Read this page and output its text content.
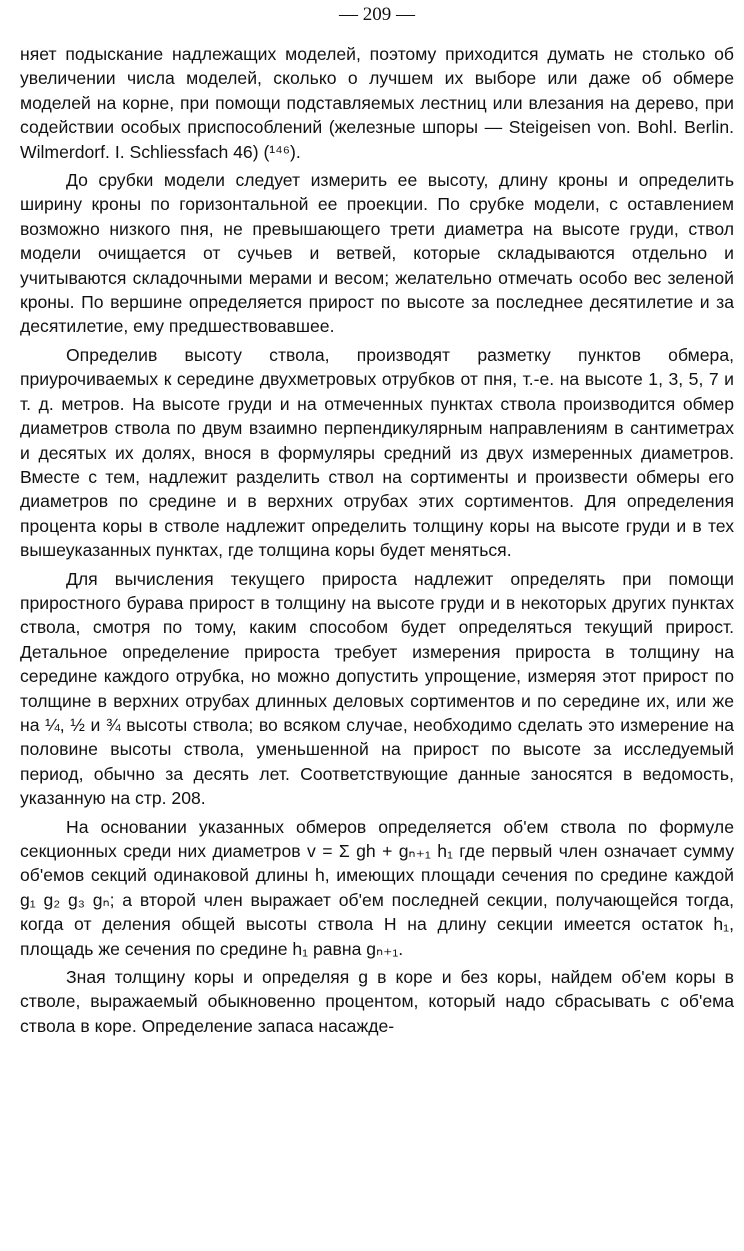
— 209 —

няет подыскание надлежащих моделей, поэтому приходится думать не столько об увеличении числа моделей, сколько о лучшем их выборе или даже об обмере моделей на корне, при помощи подставляемых лестниц или влезания на дерево, при содействии особых приспособлений (железные шпоры — Steigeisen von. Bohl. Berlin. Wilmerdorf. I. Schliessfach 46) (¹⁴⁶).

До срубки модели следует измерить ее высоту, длину кроны и определить ширину кроны по горизонтальной ее проекции. По срубке модели, с оставлением возможно низкого пня, не превышающего трети диаметра на высоте груди, ствол модели очищается от сучьев и ветвей, которые складываются отдельно и учитываются складочными мерами и весом; желательно отмечать особо вес зеленой кроны. По вершине определяется прирост по высоте за последнее десятилетие и за десятилетие, ему предшествовавшее.

Определив высоту ствола, производят разметку пунктов обмера, приурочиваемых к середине двухметровых отрубков от пня, т.-е. на высоте 1, 3, 5, 7 и т. д. метров. На высоте груди и на отмеченных пунктах ствола производится обмер диаметров ствола по двум взаимно перпендикулярным направлениям в сантиметрах и десятых их долях, внося в формуляры средний из двух измеренных диаметров. Вместе с тем, надлежит разделить ствол на сортименты и произвести обмеры его диаметров по средине и в верхних отрубах этих сортиментов. Для определения процента коры в стволе надлежит определить толщину коры на высоте груди и в тех вышеуказанных пунктах, где толщина коры будет меняться.

Для вычисления текущего прироста надлежит определять при помощи приростного бурава прирост в толщину на высоте груди и в некоторых других пунктах ствола, смотря по тому, каким способом будет определяться текущий прирост. Детальное определение прироста требует измерения прироста в толщину на середине каждого отрубка, но можно допустить упрощение, измеряя этот прирост по толщине в верхних отрубах длинных деловых сортиментов и по середине их, или же на ¼, ½ и ¾ высоты ствола; во всяком случае, необходимо сделать это измерение на половине высоты ствола, уменьшенной на прирост по высоте за исследуемый период, обычно за десять лет. Соответствующие данные заносятся в ведомость, указанную на стр. 208.

На основании указанных обмеров определяется об'ем ствола по формуле секционных среди них диаметров v = Σ gh + gₙ₊₁ h₁ где первый член означает сумму об'емов секций одинаковой длины h, имеющих площади сечения по средине каждой g₁ g₂ g₃ gₙ; а второй член выражает об'ем последней секции, получающейся тогда, когда от деления общей высоты ствола H на длину секции имеется остаток h₁, площадь же сечения по средине h₁ равна gₙ₊₁.

Зная толщину коры и определяя g в коре и без коры, найдем об'ем коры в стволе, выражаемый обыкновенно процентом, который надо сбрасывать с об'ема ствола в коре. Определение запаса насажде-
